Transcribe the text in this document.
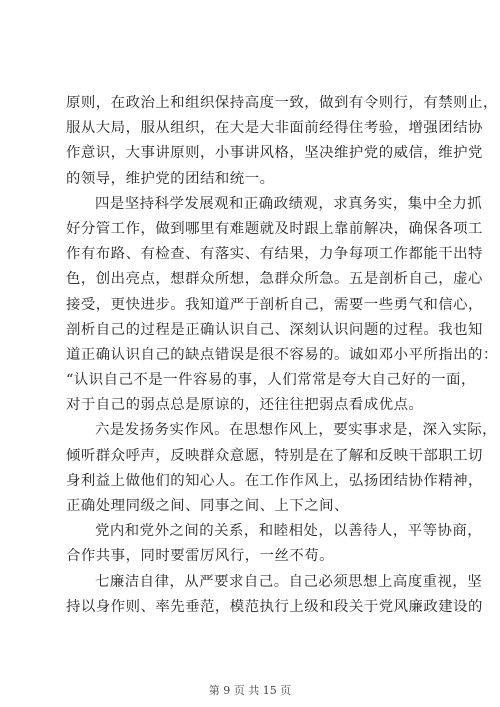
原则，在政治上和组织保持高度一致，做到有令则行，有禁则止，
服从大局，服从组织，在大是大非面前经得住考验，增强团结协
作意识，大事讲原则，小事讲风格，坚决维护党的威信，维护党
的领导，维护党的团结和统一。
四是坚持科学发展观和正确政绩观，求真务实，集中全力抓
好分管工作，做到哪里有难题就及时跟上靠前解决，确保各项工
作有布路、有检查、有落实、有结果，力争每项工作都能干出特
色，创出亮点，想群众所想，急群众所急。五是剖析自己，虚心
接受，更快进步。我知道严于剖析自己，需要一些勇气和信心，
剖析自己的过程是正确认识自己、深刻认识问题的过程。我也知
道正确认识自己的缺点错误是很不容易的。诚如邓小平所指出的：
“认识自己不是一件容易的事，人们常常是夸大自己好的一面，
对于自己的弱点总是原谅的，还往往把弱点看成优点。
六是发扬务实作风。在思想作风上，要实事求是，深入实际，
倾听群众呼声，反映群众意愿，特别是在了解和反映干部职工切
身利益上做他们的知心人。在工作作风上，弘扬团结协作精神，
正确处理同级之间、同事之间、上下之间、
党内和党外之间的关系，和睦相处，以善待人，平等协商，
合作共事，同时要雷厉风行，一丝不苟。
七廉洁自律，从严要求自己。自己必须思想上高度重视，坚
持以身作则、率先垂范，模范执行上级和段关于党风廉政建设的
第 9 页 共 15 页
